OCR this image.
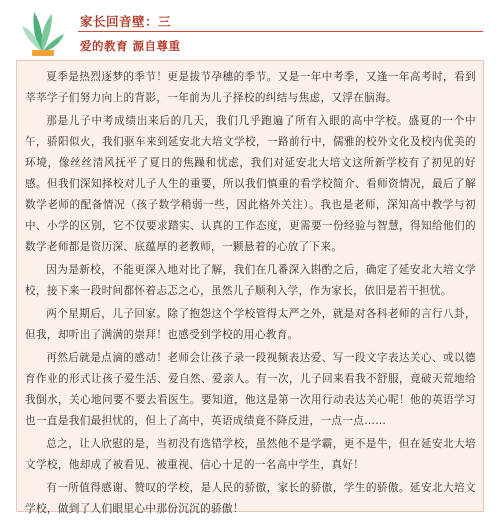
家长回音壁：三
爱的教育 源自尊重

夏季是热烈逐梦的季节！更是拔节孕穗的季节。又是一年中考季，又逢一年高考时，看到莘莘学子们努力向上的背影，一年前为儿子择校的纠结与焦虑，又浮在脑海。

那是儿子中考成绩出来后的几天，我们几乎跑遍了所有入眼的高中学校。盛夏的一个中午，骄阳似火，我们驱车来到延安北大培文学校，一路前行中，儒雅的校外文化及校内优美的环境，像丝丝清风抚平了夏日的焦躁和忧虑，我们对延安北大培文这所新学校有了初见的好感。但我们深知择校对儿子人生的重要，所以我们慎重的看学校简介、看师资情况，最后了解数学老师的配备情况（孩子数学稍弱一些，因此格外关注）。我也是老师，深知高中教学与初中、小学的区别，它不仅要求踏实、认真的工作态度，更需要一份经验与智慧，得知给他们的数学老师都是资历深、底蕴厚的老教师，一颗悬着的心放了下来。

因为是新校，不能更深入地对比了解，我们在几番深入斟酌之后，确定了延安北大培文学校，接下来一段时间都怀着忐忑之心，虽然儿子顺利入学，作为家长，依旧是若干担忧。

两个星期后，儿子回家。除了抱怨这个学校管得太严之外，就是对各科老师的言行八卦，但我，却听出了满满的崇拜！也感受到学校的用心教育。

再然后就是点滴的感动！老师会让孩子录一段视频表达爱、写一段文字表达关心、或以德育作业的形式让孩子爱生活、爱自然、爱亲人。有一次，儿子回来看我不舒服，竟破天荒地给我倒水，关心地问要不要去看医生。要知道，他这是第一次用行动表达关心呢！他的英语学习也一直是我们最担忧的，但上了高中，英语成绩竟不降反进，一点一点……

总之，让人欣慰的是，当初没有选错学校，虽然他不是学霸，更不是牛，但在延安北大培文学校，他却成了被看见、被重视、信心十足的一名高中学生，真好！

有一所值得感谢、赞叹的学校，是人民的骄傲，家长的骄傲，学生的骄傲。延安北大培文学校，做到了人们眼里心中那份沉沉的骄傲！
